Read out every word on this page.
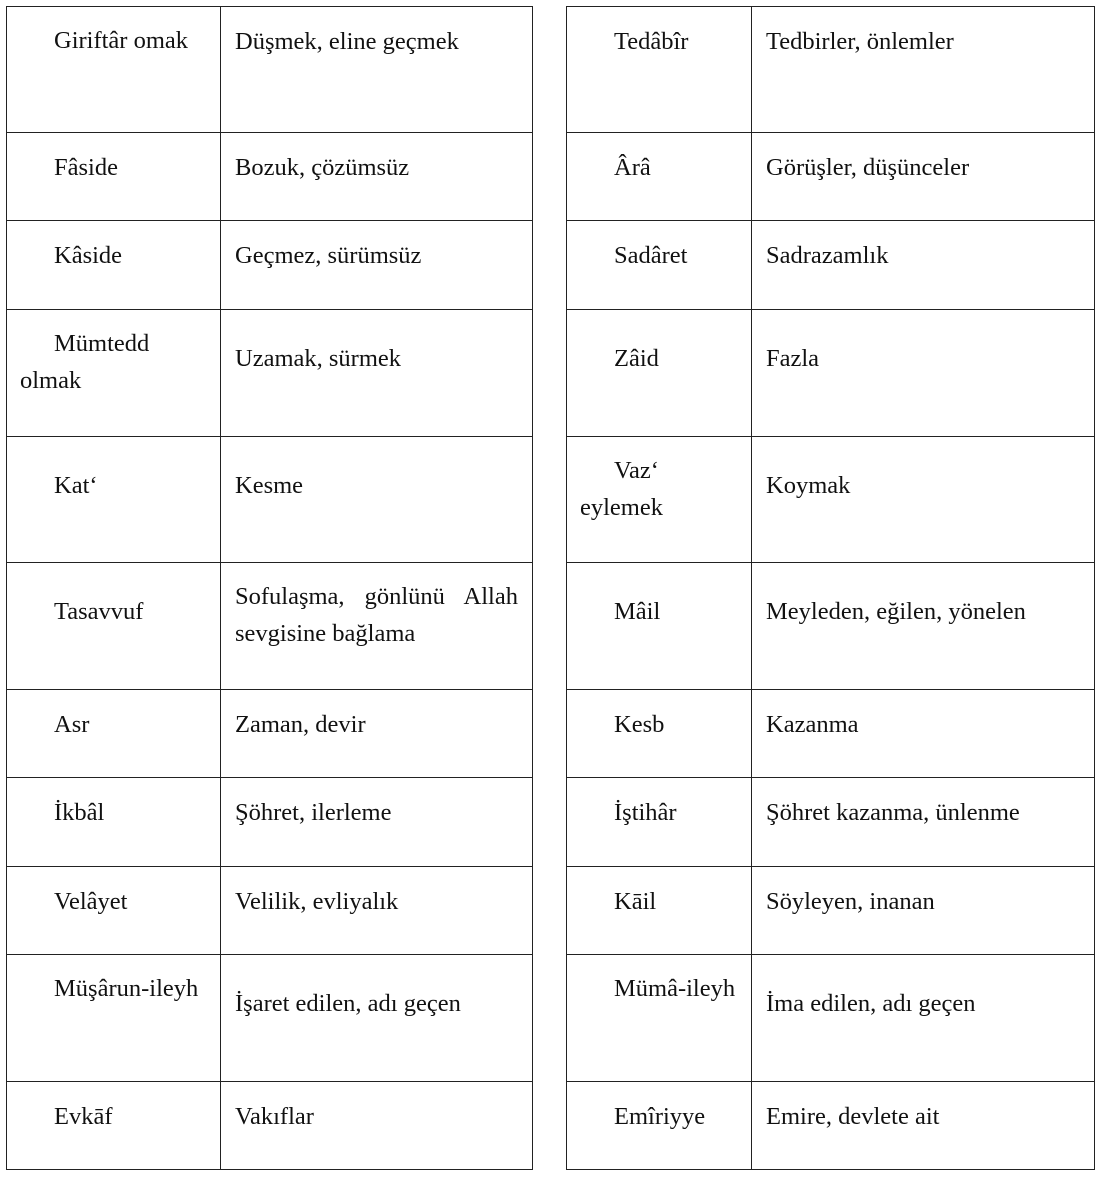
Giriftâr omak	Düşmek, eline geçmek
Fâside	Bozuk, çözümsüz
Kâside	Geçmez, sürümsüz
Mümtedd olmak	Uzamak, sürmek
Kat‘	Kesme
Tasavvuf	Sofulaşma, gönlünü Allah sevgisine bağlama
Asr	Zaman, devir
İkbâl	Şöhret, ilerleme
Velâyet	Velilik, evliyalık
Müşârun-ileyh	İşaret edilen, adı geçen
Evkāf	Vakıflar
Tedâbîr	Tedbirler, önlemler
Ârâ	Görüşler, düşünceler
Sadâret	Sadrazamlık
Zâid	Fazla
Vaz‘ eylemek	Koymak
Mâil	Meyleden, eğilen, yönelen
Kesb	Kazanma
İştihâr	Şöhret kazanma, ünlenme
Kāil	Söyleyen, inanan
Mümâ-ileyh	İma edilen, adı geçen
Emîriyye	Emire, devlete ait
